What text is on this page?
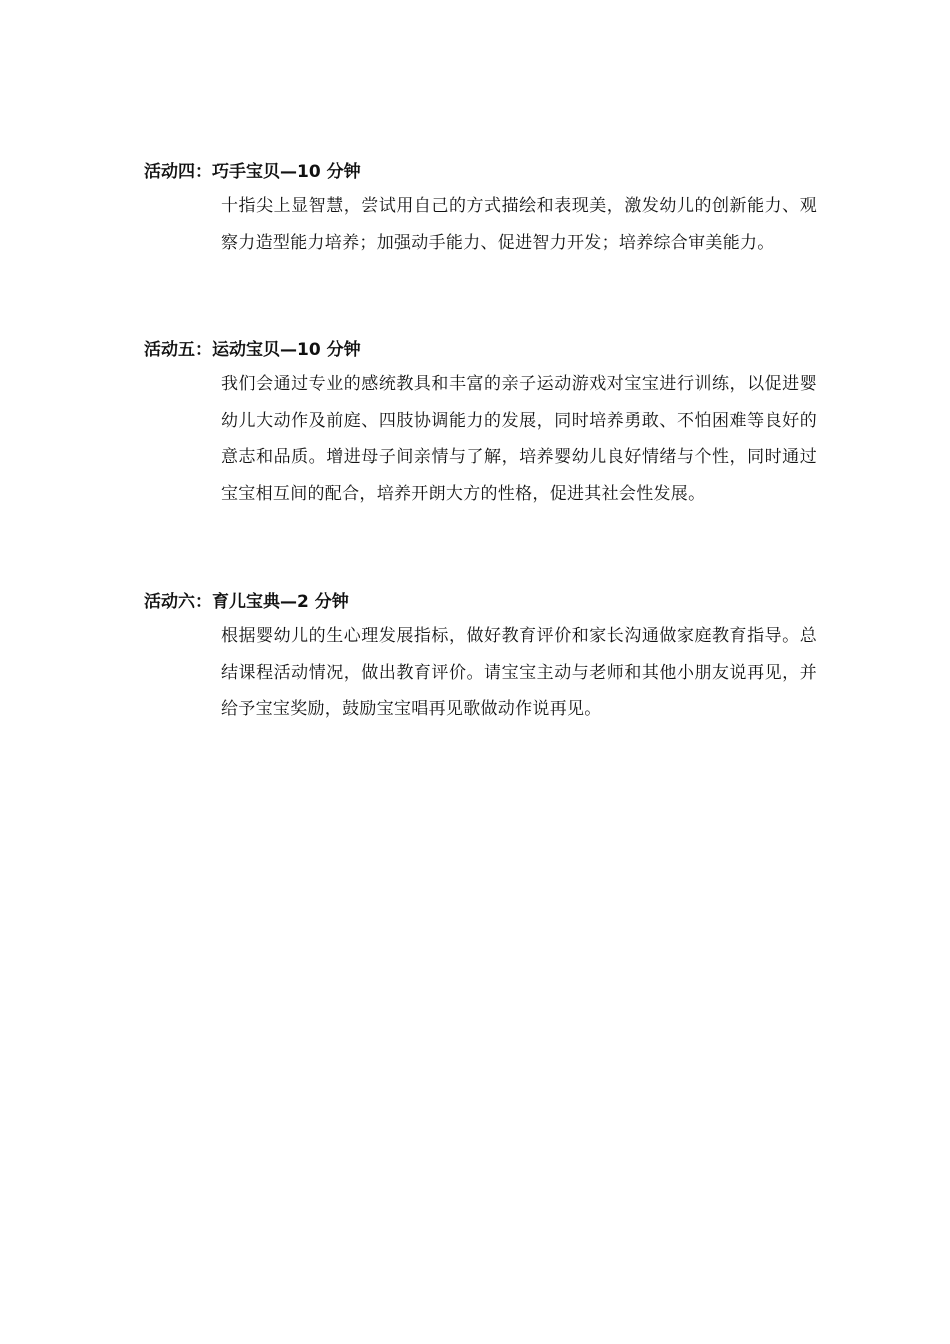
活动四：巧手宝贝—10 分钟

十指尖上显智慧，尝试用自己的方式描绘和表现美，激发幼儿的创新能力、观察力造型能力培养；加强动手能力、促进智力开发；培养综合审美能力。

活动五：运动宝贝—10 分钟

我们会通过专业的感统教具和丰富的亲子运动游戏对宝宝进行训练，以促进婴幼儿大动作及前庭、四肢协调能力的发展，同时培养勇敢、不怕困难等良好的意志和品质。增进母子间亲情与了解，培养婴幼儿良好情绪与个性，同时通过宝宝相互间的配合，培养开朗大方的性格，促进其社会性发展。

活动六：育儿宝典—2 分钟

根据婴幼儿的生心理发展指标，做好教育评价和家长沟通做家庭教育指导。总结课程活动情况，做出教育评价。请宝宝主动与老师和其他小朋友说再见，并给予宝宝奖励，鼓励宝宝唱再见歌做动作说再见。
